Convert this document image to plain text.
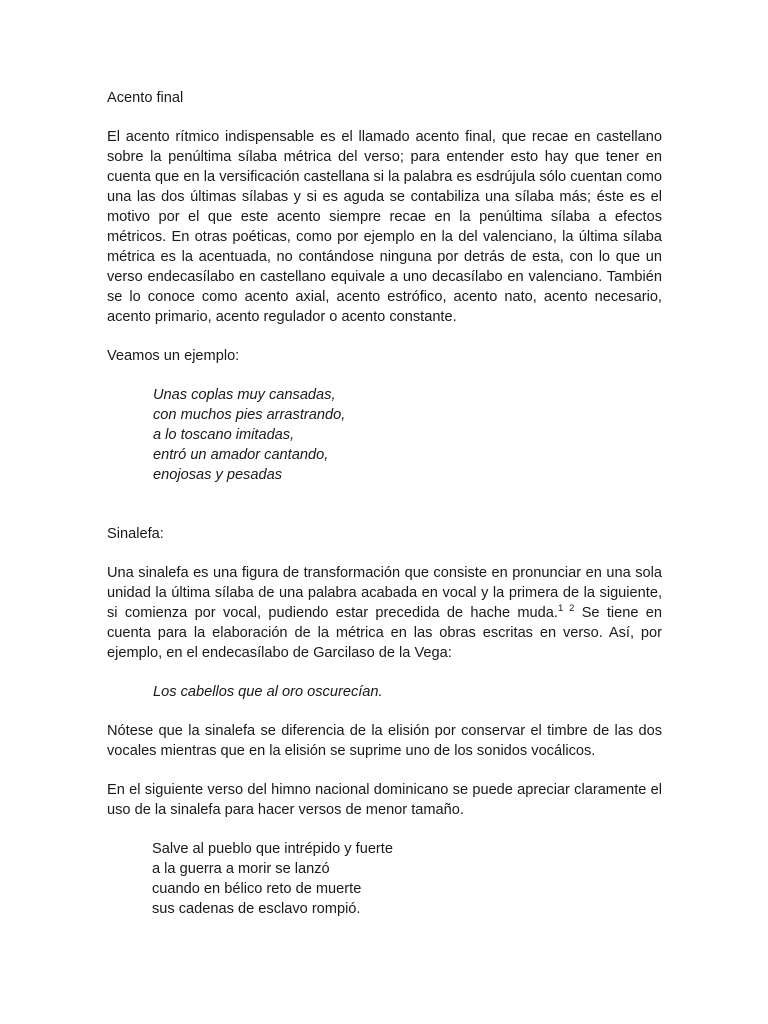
Acento final

El acento rítmico indispensable es el llamado acento final, que recae en castellano sobre la penúltima sílaba métrica del verso; para entender esto hay que tener en cuenta que en la versificación castellana si la palabra es esdrújula sólo cuentan como una las dos últimas sílabas y si es aguda se contabiliza una sílaba más; éste es el motivo por el que este acento siempre recae en la penúltima sílaba a efectos métricos. En otras poéticas, como por ejemplo en la del valenciano, la última sílaba métrica es la acentuada, no contándose ninguna por detrás de esta, con lo que un verso endecasílabo en castellano equivale a uno decasílabo en valenciano. También se lo conoce como acento axial, acento estrófico, acento nato, acento necesario, acento primario, acento regulador o acento constante.

Veamos un ejemplo:

Unas coplas muy cansadas,
con muchos pies arrastrando,
a lo toscano imitadas,
entró un amador cantando,
enojosas y pesadas

Sinalefa:

Una sinalefa es una figura de transformación que consiste en pronunciar en una sola unidad la última sílaba de una palabra acabada en vocal y la primera de la siguiente, si comienza por vocal, pudiendo estar precedida de hache muda.$^{1 2}$ Se tiene en cuenta para la elaboración de la métrica en las obras escritas en verso. Así, por ejemplo, en el endecasílabo de Garcilaso de la Vega:

Los cabellos que al oro oscurecían.

Nótese que la sinalefa se diferencia de la elisión por conservar el timbre de las dos vocales mientras que en la elisión se suprime uno de los sonidos vocálicos.

En el siguiente verso del himno nacional dominicano se puede apreciar claramente el uso de la sinalefa para hacer versos de menor tamaño.

Salve al pueblo que intrépido y fuerte
a la guerra a morir se lanzó
cuando en bélico reto de muerte
sus cadenas de esclavo rompió.
